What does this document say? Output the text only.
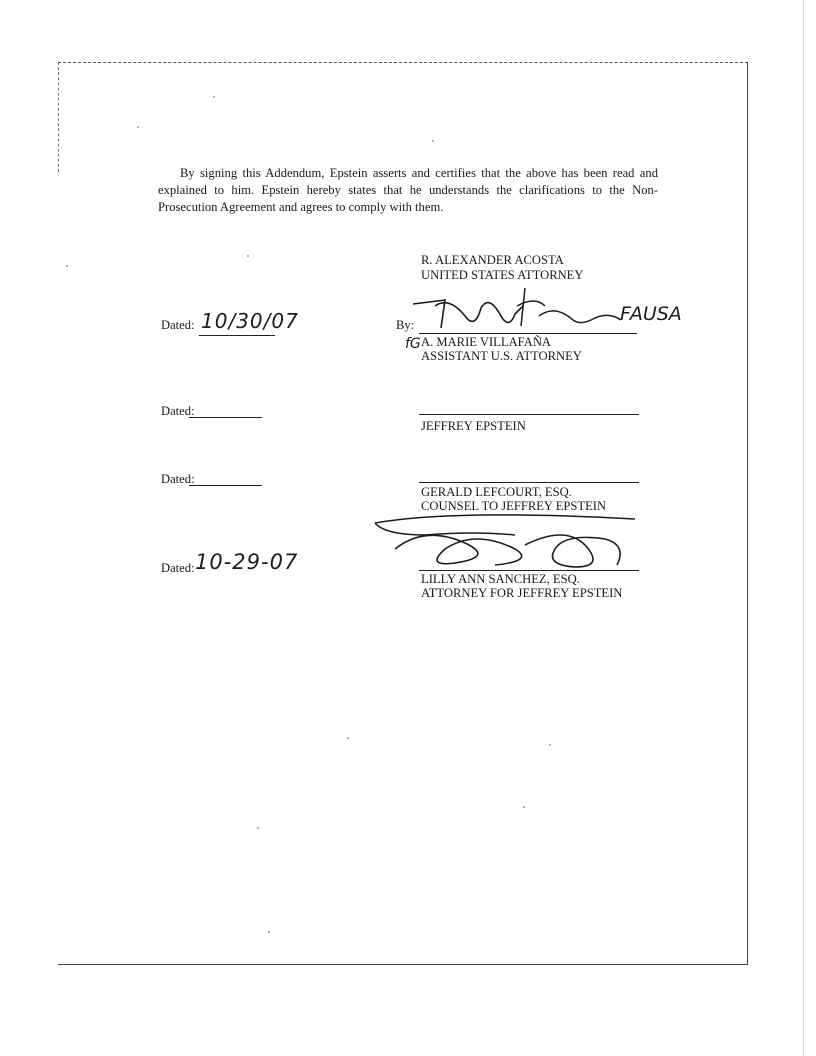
By signing this Addendum, Epstein asserts and certifies that the above has been read and explained to him. Epstein hereby states that he understands the clarifications to the Non-Prosecution Agreement and agrees to comply with them.
R. ALEXANDER ACOSTA
UNITED STATES ATTORNEY
Dated: 10/30/07	By:	FAUSA
fG A. MARIE VILLAFAÑA
ASSISTANT U.S. ATTORNEY
Dated:
JEFFREY EPSTEIN
Dated:
GERALD LEFCOURT, ESQ.
COUNSEL TO JEFFREY EPSTEIN
Dated: 10-29-07
LILLY ANN SANCHEZ, ESQ.
ATTORNEY FOR JEFFREY EPSTEIN
